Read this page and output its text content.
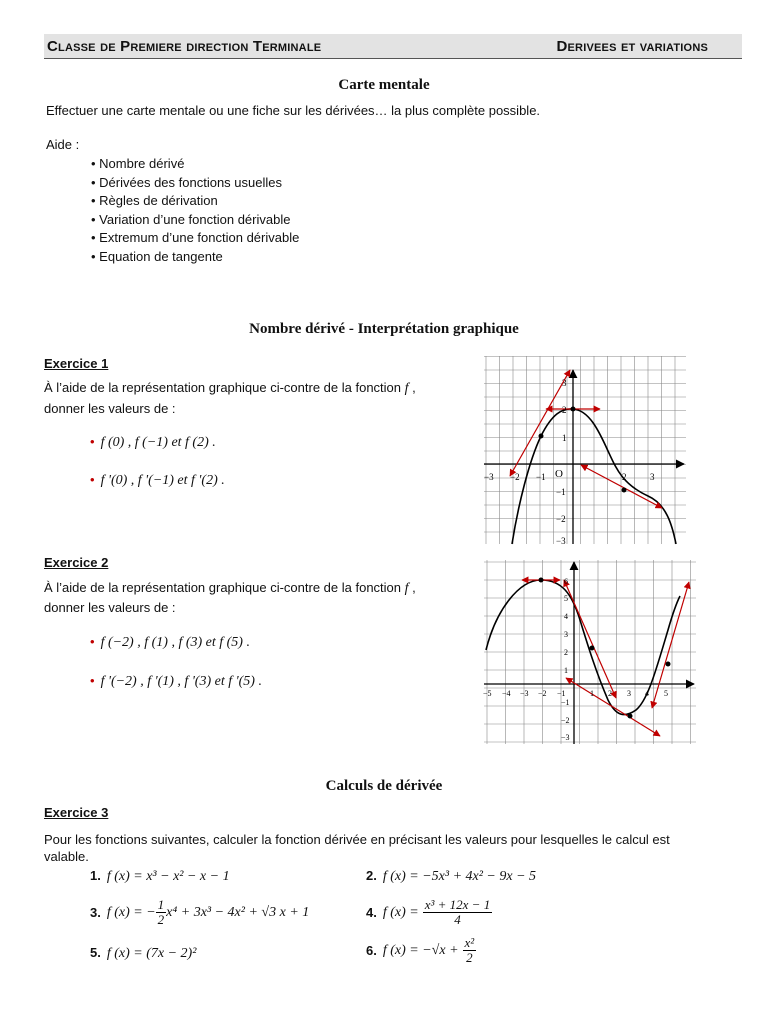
Classe de Premiere direction Terminale	Derivees et variations
Carte mentale
Effectuer une carte mentale ou une fiche sur les dérivées… la plus complète possible.
Aide :
• Nombre dérivé
• Dérivées des fonctions usuelles
• Règles de dérivation
• Variation d’une fonction dérivable
• Extremum d’une fonction dérivable
• Equation de tangente
Nombre dérivé - Interprétation graphique
Exercice 1
À l’aide de la représentation graphique ci-contre de la fonction f ,
donner les valeurs de :
• f (0) , f (−1) et f (2) .
• f '(0) , f '(−1) et f '(2) .	−3 −2 −1	2	3
3
2
1
−1
−2
−3
O
Exercice 2
À l’aide de la représentation graphique ci-contre de la fonction f ,
donner les valeurs de :
• f (−2) , f (1) , f (3) et f (5) .
• f '(−2) , f '(1) , f '(3) et f '(5) .
−5 −4 −3 −2 −1	1 2 3 4 5
6
5
4
3
2
1
−1
−2
−3
Calculs de dérivée
Exercice 3
Pour les fonctions suivantes, calculer la fonction dérivée en précisant les valeurs pour lesquelles le calcul est
valable.
1. f (x) = x³ − x² − x − 1	2. f (x) = −5x³ + 4x² − 9x − 5
3. f (x) = − $\frac{1}{2} x^4 + 3x^3 - 4x^2 + √3$ x + 1	4. f $(x) = \frac{\text{x³ + 12x − 1}}{4}$
5. f (x) = (7x − 2)²	6. f $(x) = -√x + \frac{\text{x²}}{2}$
